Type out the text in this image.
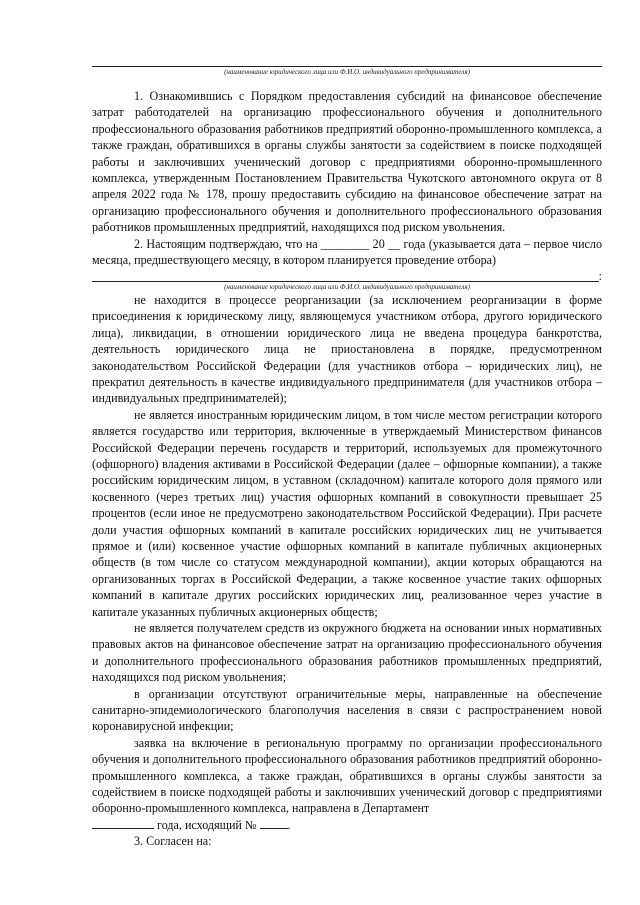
(наименование юридического лица или Ф.И.О. индивидуального предпринимателя)

1. Ознакомившись с Порядком предоставления субсидий на финансовое обеспечение затрат работодателей на организацию профессионального обучения и дополнительного профессионального образования работников предприятий оборонно-промышленного комплекса, а также граждан, обратившихся в органы службы занятости за содействием в поиске подходящей работы и заключивших ученический договор с предприятиями оборонно-промышленного комплекса, утвержденным Постановлением Правительства Чукотского автономного округа от 8 апреля 2022 года № 178, прошу предоставить субсидию на финансовое обеспечение затрат на организацию профессионального обучения и дополнительного профессионального образования работников промышленных предприятий, находящихся под риском увольнения.

2. Настоящим подтверждаю, что на ________ 20 __ года (указывается дата – первое число месяца, предшествующего месяцу, в котором планируется проведение отбора)

:
(наименование юридического лица или Ф.И.О. индивидуального предпринимателя)

не находится в процессе реорганизации (за исключением реорганизации в форме присоединения к юридическому лицу, являющемуся участником отбора, другого юридического лица), ликвидации, в отношении юридического лица не введена процедура банкротства, деятельность юридического лица не приостановлена в порядке, предусмотренном законодательством Российской Федерации (для участников отбора – юридических лиц), не прекратил деятельность в качестве индивидуального предпринимателя (для участников отбора – индивидуальных предпринимателей);

не является иностранным юридическим лицом, в том числе местом регистрации которого является государство или территория, включенные в утверждаемый Министерством финансов Российской Федерации перечень государств и территорий, используемых для промежуточного (офшорного) владения активами в Российской Федерации (далее – офшорные компании), а также российским юридическим лицом, в уставном (складочном) капитале которого доля прямого или косвенного (через третьих лиц) участия офшорных компаний в совокупности превышает 25 процентов (если иное не предусмотрено законодательством Российской Федерации). При расчете доли участия офшорных компаний в капитале российских юридических лиц не учитывается прямое и (или) косвенное участие офшорных компаний в капитале публичных акционерных обществ (в том числе со статусом международной компании), акции которых обращаются на организованных торгах в Российской Федерации, а также косвенное участие таких офшорных компаний в капитале других российских юридических лиц, реализованное через участие в капитале указанных публичных акционерных обществ;

не является получателем средств из окружного бюджета на основании иных нормативных правовых актов на финансовое обеспечение затрат на организацию профессионального обучения и дополнительного профессионального образования работников промышленных предприятий, находящихся под риском увольнения;

в организации отсутствуют ограничительные меры, направленные на обеспечение санитарно-эпидемиологического благополучия населения в связи с распространением новой коронавирусной инфекции;

заявка на включение в региональную программу по организации профессионального обучения и дополнительного профессионального образования работников предприятий оборонно-промышленного комплекса, а также граждан, обратившихся в органы службы занятости за содействием в поиске подходящей работы и заключивших ученический договор с предприятиями оборонно-промышленного комплекса, направлена в Департамент

года, исходящий №	.

3. Согласен на:
